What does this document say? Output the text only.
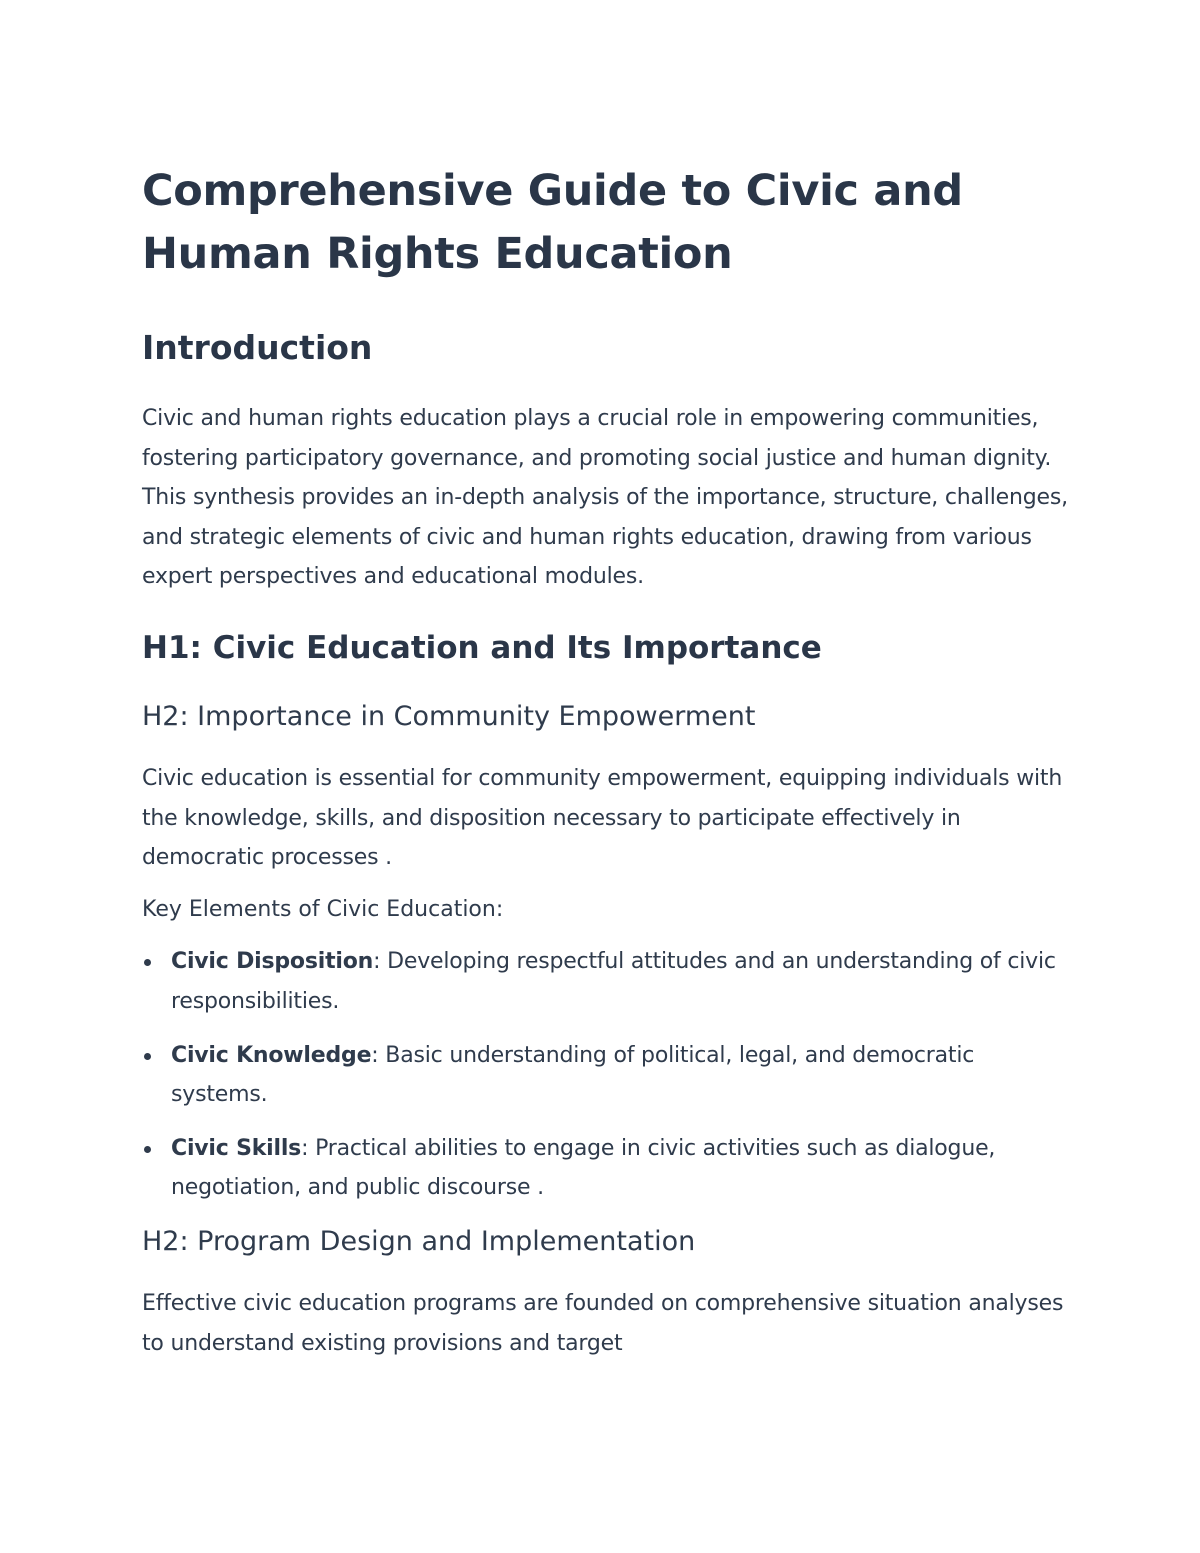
Comprehensive Guide to Civic and Human Rights Education
Introduction

Civic and human rights education plays a crucial role in empowering communities, fostering participatory governance, and promoting social justice and human dignity. This synthesis provides an in-depth analysis of the importance, structure, challenges, and strategic elements of civic and human rights education, drawing from various expert perspectives and educational modules.

H1: Civic Education and Its Importance
H2: Importance in Community Empowerment

Civic education is essential for community empowerment, equipping individuals with the knowledge, skills, and disposition necessary to participate effectively in democratic processes .

Key Elements of Civic Education:

Civic Disposition: Developing respectful attitudes and an understanding of civic responsibilities.
Civic Knowledge: Basic understanding of political, legal, and democratic systems.
Civic Skills: Practical abilities to engage in civic activities such as dialogue, negotiation, and public discourse .
H2: Program Design and Implementation

Effective civic education programs are founded on comprehensive situation analyses to understand existing provisions and target
